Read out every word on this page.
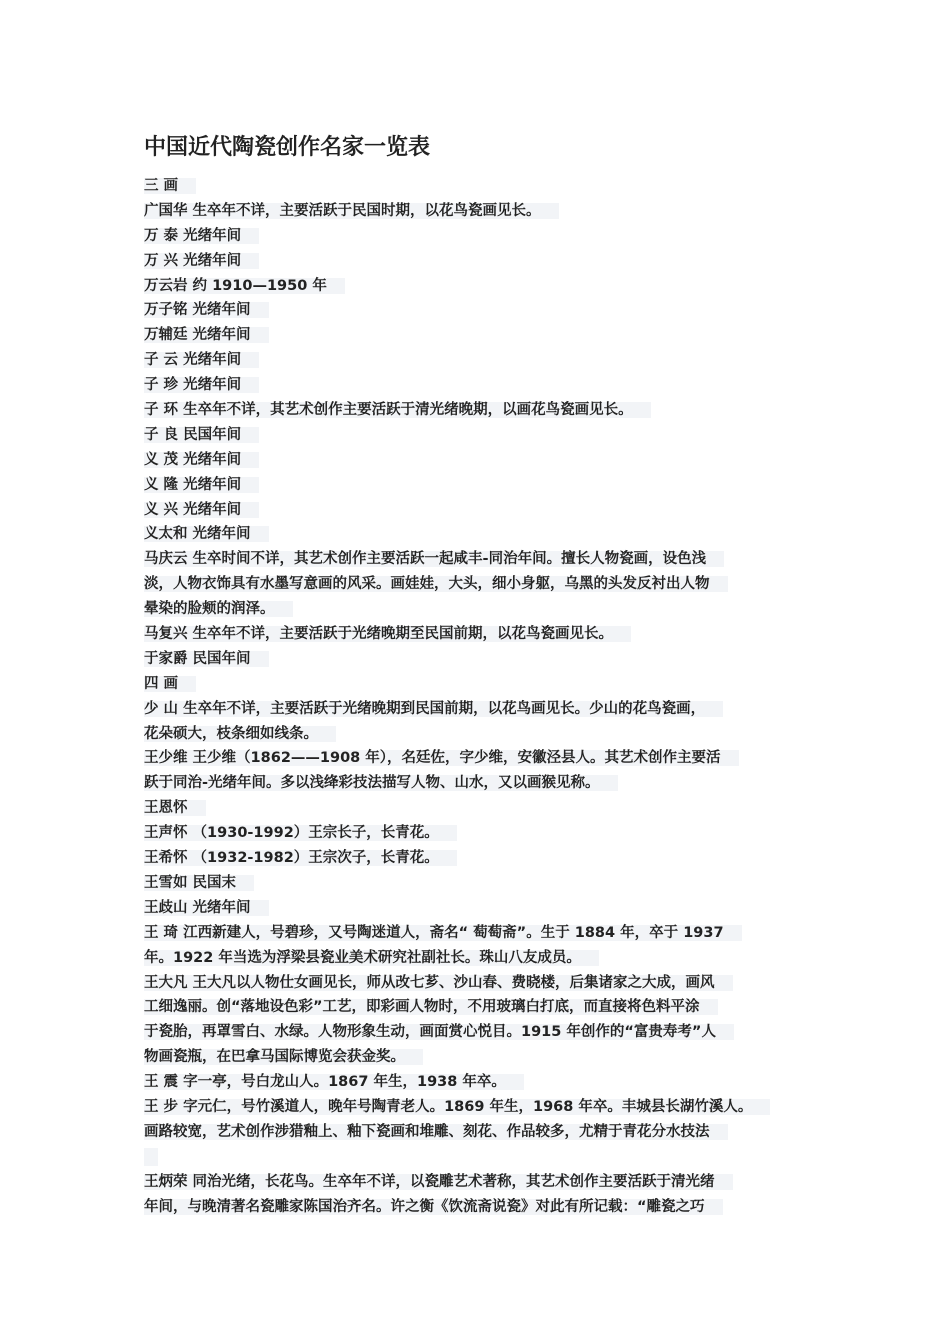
中国近代陶瓷创作名家一览表
三 画
广国华 生卒年不详，主要活跃于民国时期，以花鸟瓷画见长。
万 泰 光绪年间
万 兴 光绪年间
万云岩 约 1910—1950 年
万子铭 光绪年间
万辅廷 光绪年间
子 云 光绪年间
子 珍 光绪年间
子 环 生卒年不详，其艺术创作主要活跃于清光绪晚期，以画花鸟瓷画见长。
子 良 民国年间
义 茂 光绪年间
义 隆 光绪年间
义 兴 光绪年间
义太和 光绪年间
马庆云 生卒时间不详，其艺术创作主要活跃一起咸丰-同治年间。擅长人物瓷画，设色浅
淡，人物衣饰具有水墨写意画的风采。画娃娃，大头，细小身躯，乌黑的头发反衬出人物
晕染的脸颊的润泽。
马复兴 生卒年不详，主要活跃于光绪晚期至民国前期，以花鸟瓷画见长。
于家爵 民国年间
四 画
少 山 生卒年不详，主要活跃于光绪晚期到民国前期，以花鸟画见长。少山的花鸟瓷画，
花朵硕大，枝条细如线条。
王少维 王少维（1862——1908 年），名廷佐，字少维，安徽泾县人。其艺术创作主要活
跃于同治-光绪年间。多以浅绛彩技法描写人物、山水，又以画猴见称。
王恩怀
王声怀 （1930-1992）王宗长子，长青花。
王希怀 （1932-1982）王宗次子，长青花。
王雪如 民国末
王歧山 光绪年间
王 琦 江西新建人，号碧珍，又号陶迷道人，斋名“ 萄萄斋”。生于 1884 年，卒于 1937
年。1922 年当选为浮梁县瓷业美术研究社副社长。珠山八友成员。
王大凡 王大凡以人物仕女画见长，师从改七芗、沙山春、费晓楼，后集诸家之大成，画风
工细逸丽。创“落地设色彩”工艺，即彩画人物时，不用玻璃白打底，而直接将色料平涂
于瓷胎，再罩雪白、水绿。人物形象生动，画面赏心悦目。1915 年创作的“富贵寿考”人
物画瓷瓶，在巴拿马国际博览会获金奖。
王 震 字一亭，号白龙山人。1867 年生，1938 年卒。
王 步 字元仁，号竹溪道人，晚年号陶青老人。1869 年生，1968 年卒。丰城县长湖竹溪人。
画路较宽，艺术创作涉猎釉上、釉下瓷画和堆雕、刻花、作品较多，尤精于青花分水技法
王炳荣 同治光绪，长花鸟。生卒年不详，以瓷雕艺术著称，其艺术创作主要活跃于清光绪
年间，与晚清著名瓷雕家陈国治齐名。许之衡《饮流斋说瓷》对此有所记载：“雕瓷之巧
